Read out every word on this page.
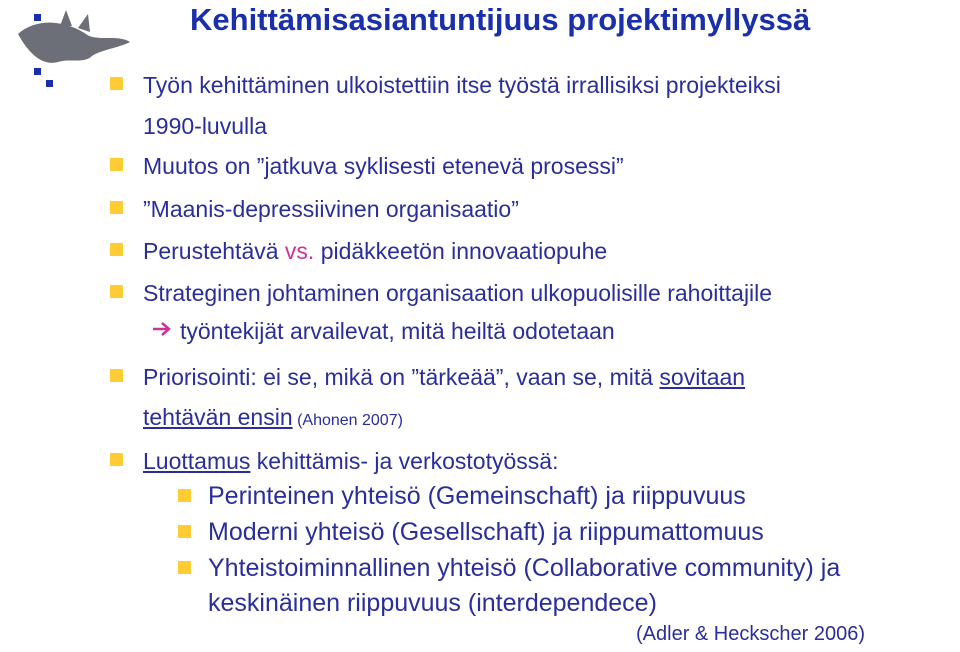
Kehittämisasiantuntijuus projektimyllyssä
Työn kehittäminen ulkoistettiin itse työstä irrallisiksi projekteiksi
1990-luvulla
Muutos on ”jatkuva syklisesti etenevä prosessi”
”Maanis-depressiivinen organisaatio”
Perustehtävä vs. pidäkkeetön innovaatiopuhe
Strateginen johtaminen organisaation ulkopuolisille rahoittajile
työntekijät arvailevat, mitä heiltä odotetaan
Priorisointi: ei se, mikä on ”tärkeää”, vaan se, mitä sovitaan
tehtävän ensin (Ahonen 2007)
Luottamus kehittämis- ja verkostotyössä:
Perinteinen yhteisö (Gemeinschaft) ja riippuvuus
Moderni yhteisö (Gesellschaft) ja riippumattomuus
Yhteistoiminnallinen yhteisö (Collaborative community) ja
keskinäinen riippuvuus (interdependece)
(Adler & Heckscher 2006)
